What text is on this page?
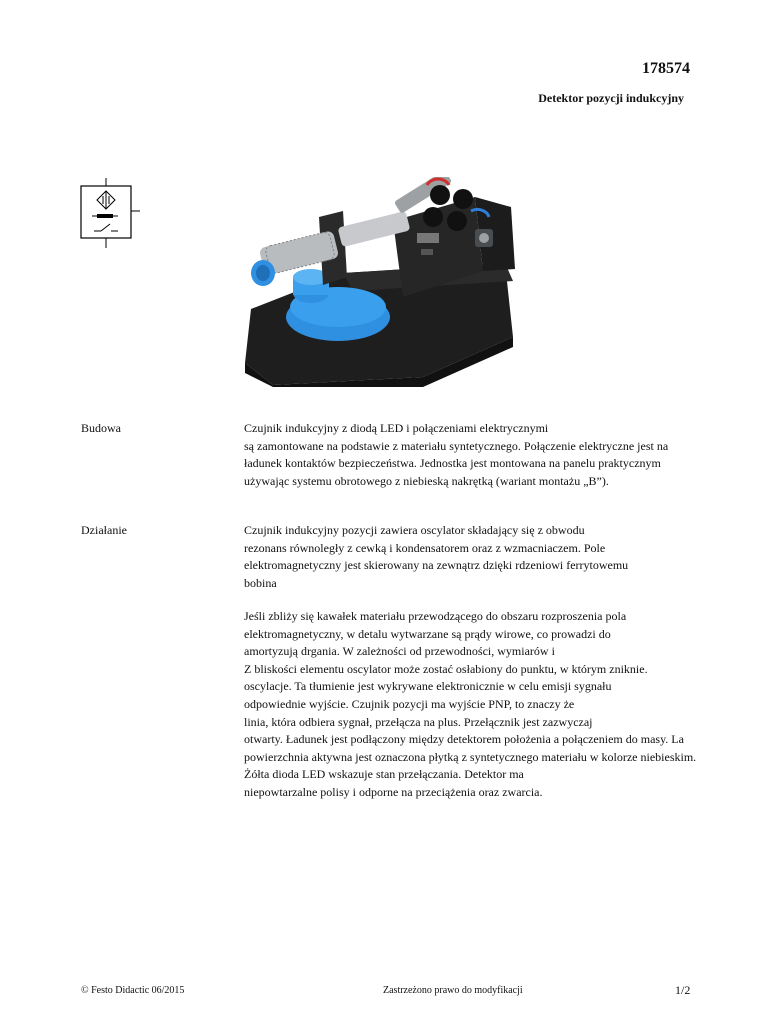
178574
Detektor pozycji indukcyjny
Budowa	Czujnik indukcyjny z diodą LED i połączeniami elektrycznymi
są zamontowane na podstawie z materiału syntetycznego. Połączenie elektryczne jest na
ładunek kontaktów bezpieczeństwa. Jednostka jest montowana na panelu praktycznym
używając systemu obrotowego z niebieską nakrętką (wariant montażu „B”).
Działanie	Czujnik indukcyjny pozycji zawiera oscylator składający się z obwodu
rezonans równoległy z cewką i kondensatorem oraz z wzmacniaczem. Pole
elektromagnetyczny jest skierowany na zewnątrz dzięki rdzeniowi ferrytowemu
bobina
Jeśli zbliży się kawałek materiału przewodzącego do obszaru rozproszenia pola
elektromagnetyczny, w detalu wytwarzane są prądy wirowe, co prowadzi do
amortyzują drgania. W zależności od przewodności, wymiarów i
Z bliskości elementu oscylator może zostać osłabiony do punktu, w którym zniknie.
oscylacje. Ta tłumienie jest wykrywane elektronicznie w celu emisji sygnału
odpowiednie wyjście. Czujnik pozycji ma wyjście PNP, to znaczy że
linia, która odbiera sygnał, przełącza na plus. Przełącznik jest zazwyczaj
otwarty. Ładunek jest podłączony między detektorem położenia a połączeniem do masy. La
powierzchnia aktywna jest oznaczona płytką z syntetycznego materiału w kolorze niebieskim.
Żółta dioda LED wskazuje stan przełączania. Detektor ma
niepowtarzalne polisy i odporne na przeciążenia oraz zwarcia.
© Festo Didactic 06/2015	Zastrzeżono prawo do modyfikacji	1/2
